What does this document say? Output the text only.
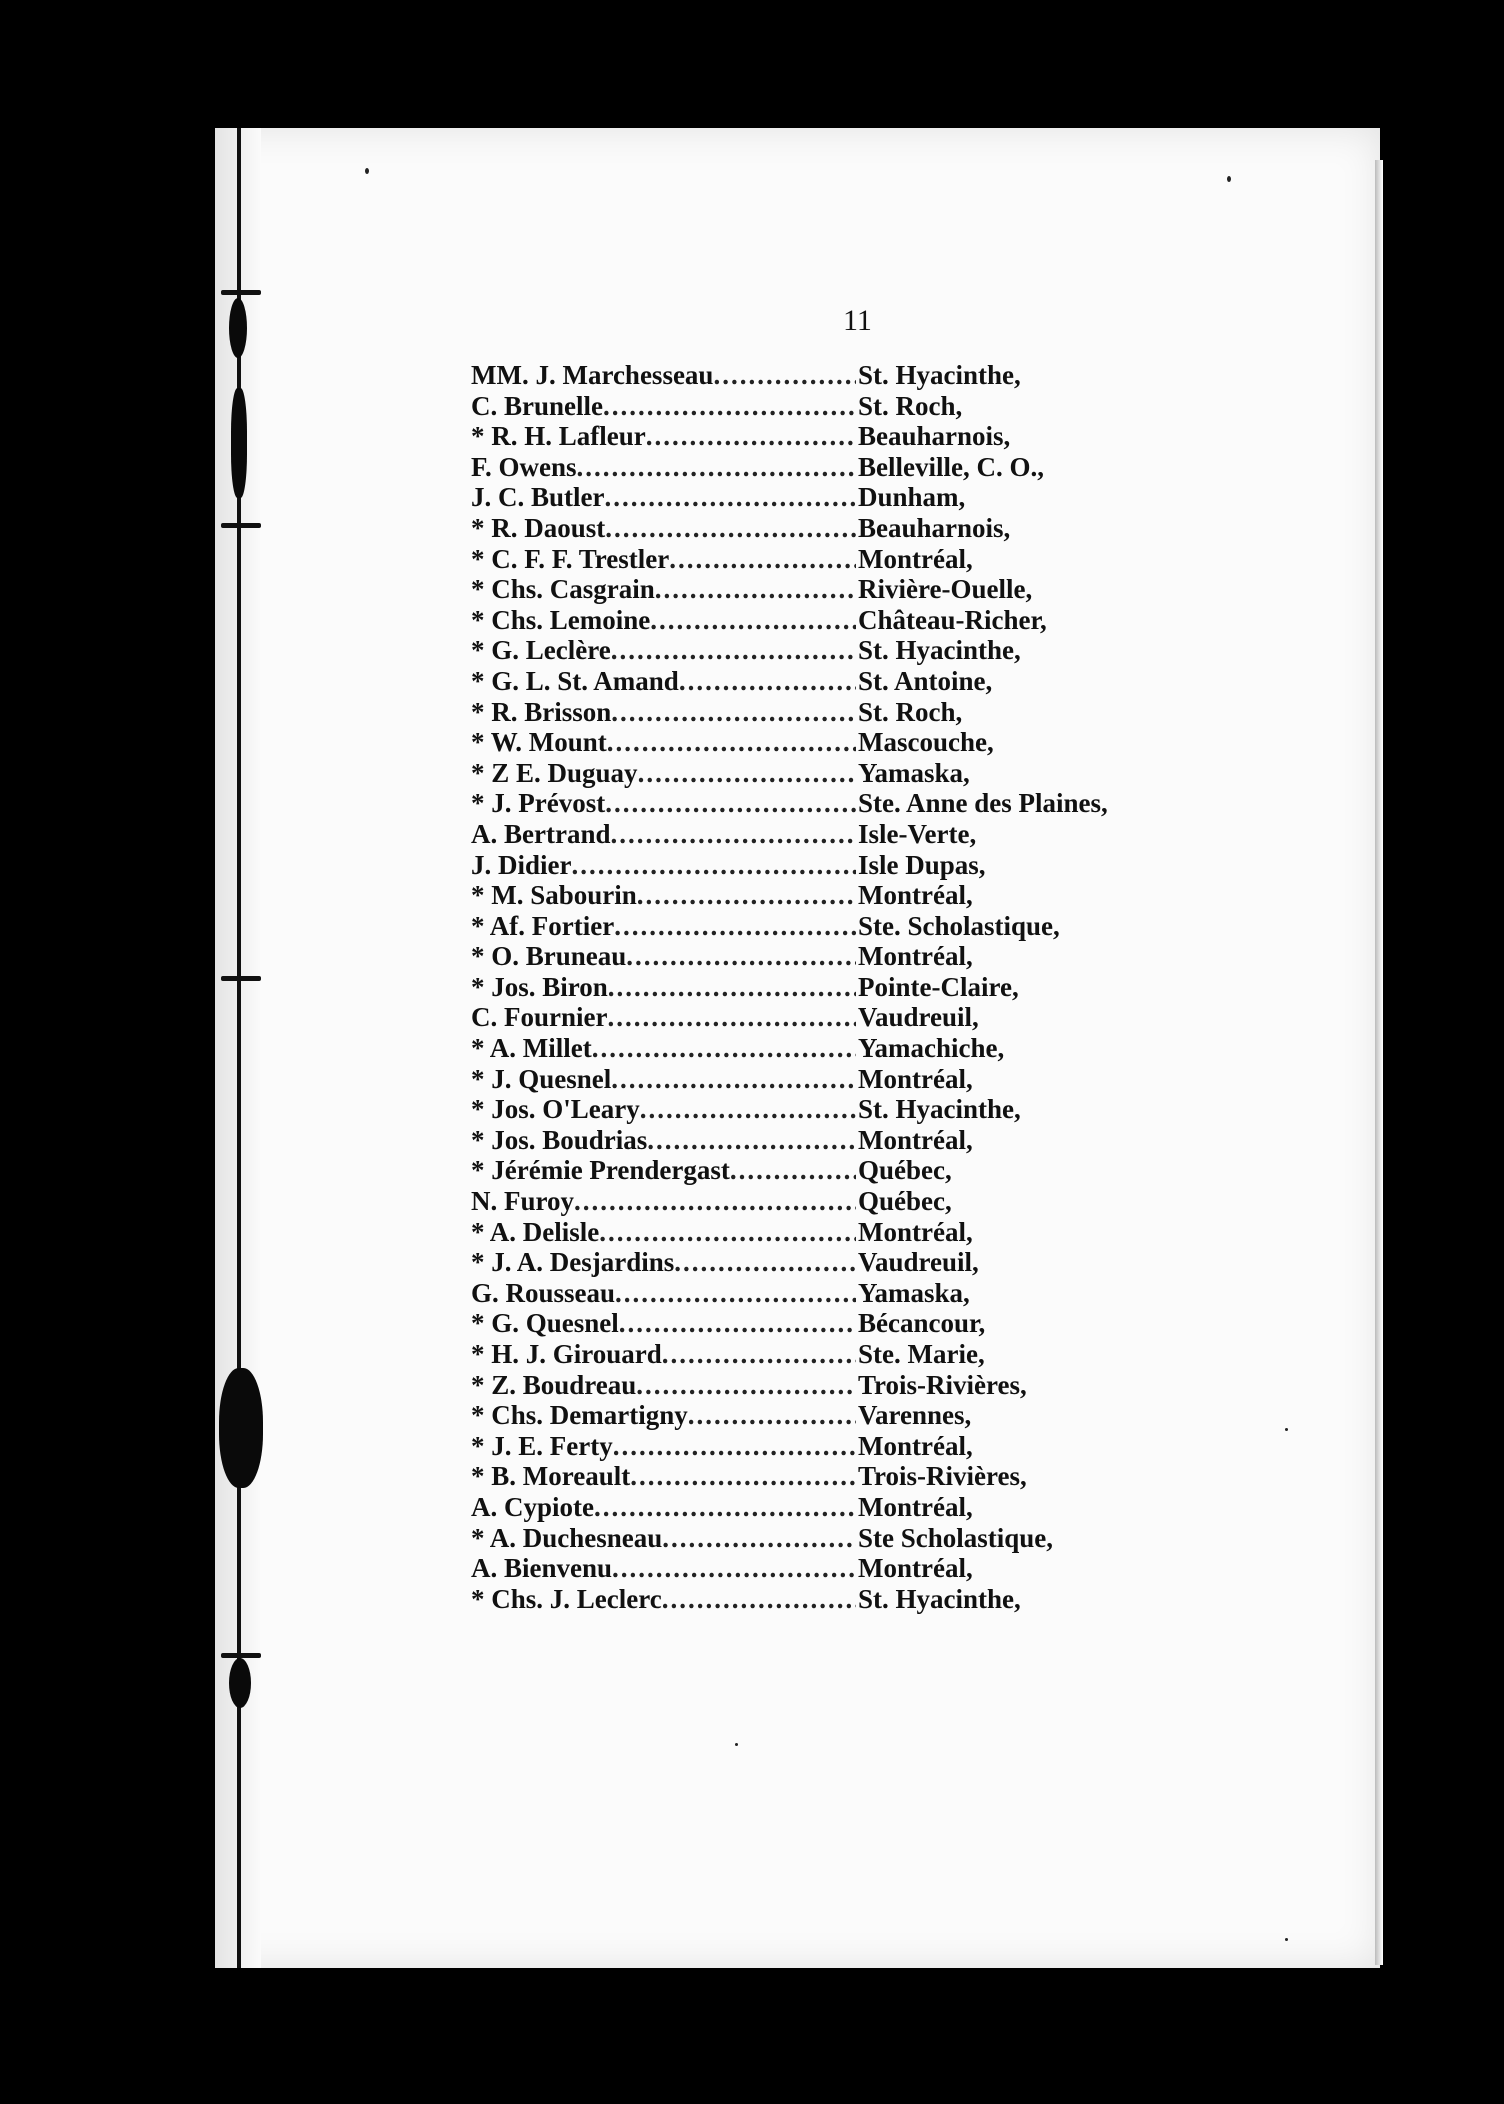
11
MM. J. Marchesseau .....	St. Hyacinthe,
C. Brunelle .....	St. Roch,
* R. H. Lafleur .....	Beauharnois,
F. Owens .....	Belleville, C. O.,
J. C. Butler .....	Dunham,
* R. Daoust .....	Beauharnois,
* C. F. F. Trestler .....	Montréal,
* Chs. Casgrain .....	Rivière-Ouelle,
* Chs. Lemoine .....	Château-Richer,
* G. Leclère .....	St. Hyacinthe,
* G. L. St. Amand .....	St. Antoine,
* R. Brisson .....	St. Roch,
* W. Mount .....	Mascouche,
* Z E. Duguay .....	Yamaska,
* J. Prévost .....	Ste. Anne des Plaines,
A. Bertrand .....	Isle-Verte,
J. Didier .....	Isle Dupas,
* M. Sabourin .....	Montréal,
* Af. Fortier .....	Ste. Scholastique,
* O. Bruneau .....	Montréal,
* Jos. Biron .....	Pointe-Claire,
C. Fournier .....	Vaudreuil,
* A. Millet .....	Yamachiche,
* J. Quesnel .....	Montréal,
* Jos. O'Leary .....	St. Hyacinthe,
* Jos. Boudrias .....	Montréal,
* Jérémie Prendergast .....	Québec,
N. Furoy .....	Québec,
* A. Delisle .....	Montréal,
* J. A. Desjardins .....	Vaudreuil,
G. Rousseau .....	Yamaska,
* G. Quesnel .....	Bécancour,
* H. J. Girouard .....	Ste. Marie,
* Z. Boudreau .....	Trois-Rivières,
* Chs. Demartigny .....	Varennes,
* J. E. Ferty .....	Montréal,
* B. Moreault .....	Trois-Rivières,
A. Cypiote .....	Montréal,
* A. Duchesneau .....	Ste Scholastique,
A. Bienvenu .....	Montréal,
* Chs. J. Leclerc .....	St. Hyacinthe,
